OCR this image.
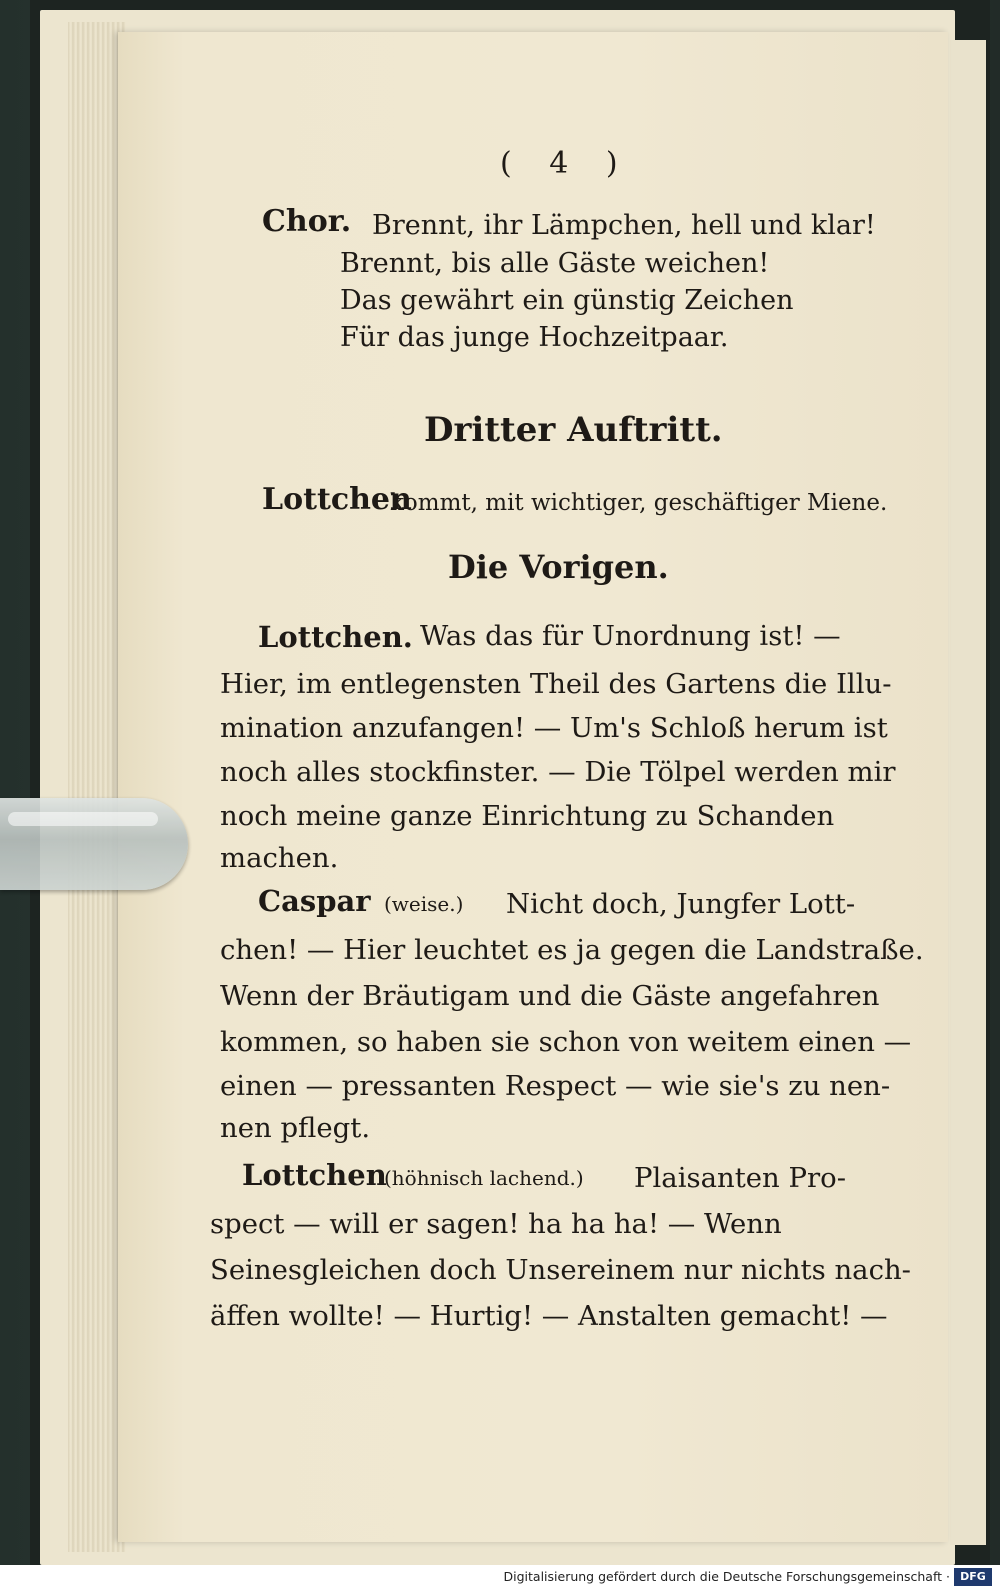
( 4 )
Chor. Brennt, ihr Lämpchen, hell und klar!
Brennt, bis alle Gäste weichen!
Das gewährt ein günstig Zeichen
Für das junge Hochzeitpaar.
Dritter Auftritt.
Lottchen
kommt, mit wichtiger, geschäftiger Miene.
Die Vorigen.
Lottchen. Was das für Unordnung ist! —
Hier, im entlegensten Theil des Gartens die Illu-
mination anzufangen! — Um's Schloß herum ist
noch alles stockfinster. — Die Tölpel werden mir
noch meine ganze Einrichtung zu Schanden
machen.
Caspar (weise.) Nicht doch, Jungfer Lott-
chen! — Hier leuchtet es ja gegen die Landstraße.
Wenn der Bräutigam und die Gäste angefahren
kommen, so haben sie schon von weitem einen —
einen — pressanten Respect — wie sie's zu nen-
nen pflegt.
Lottchen
(höhnisch lachend.) Plaisanten Pro-
spect — will er sagen! ha ha ha! — Wenn
Seinesgleichen doch Unsereinem nur nichts nach-
äffen wollte! — Hurtig! — Anstalten gemacht! —
Digitalisierung gefördert durch die Deutsche Forschungsgemeinschaft · DFG
